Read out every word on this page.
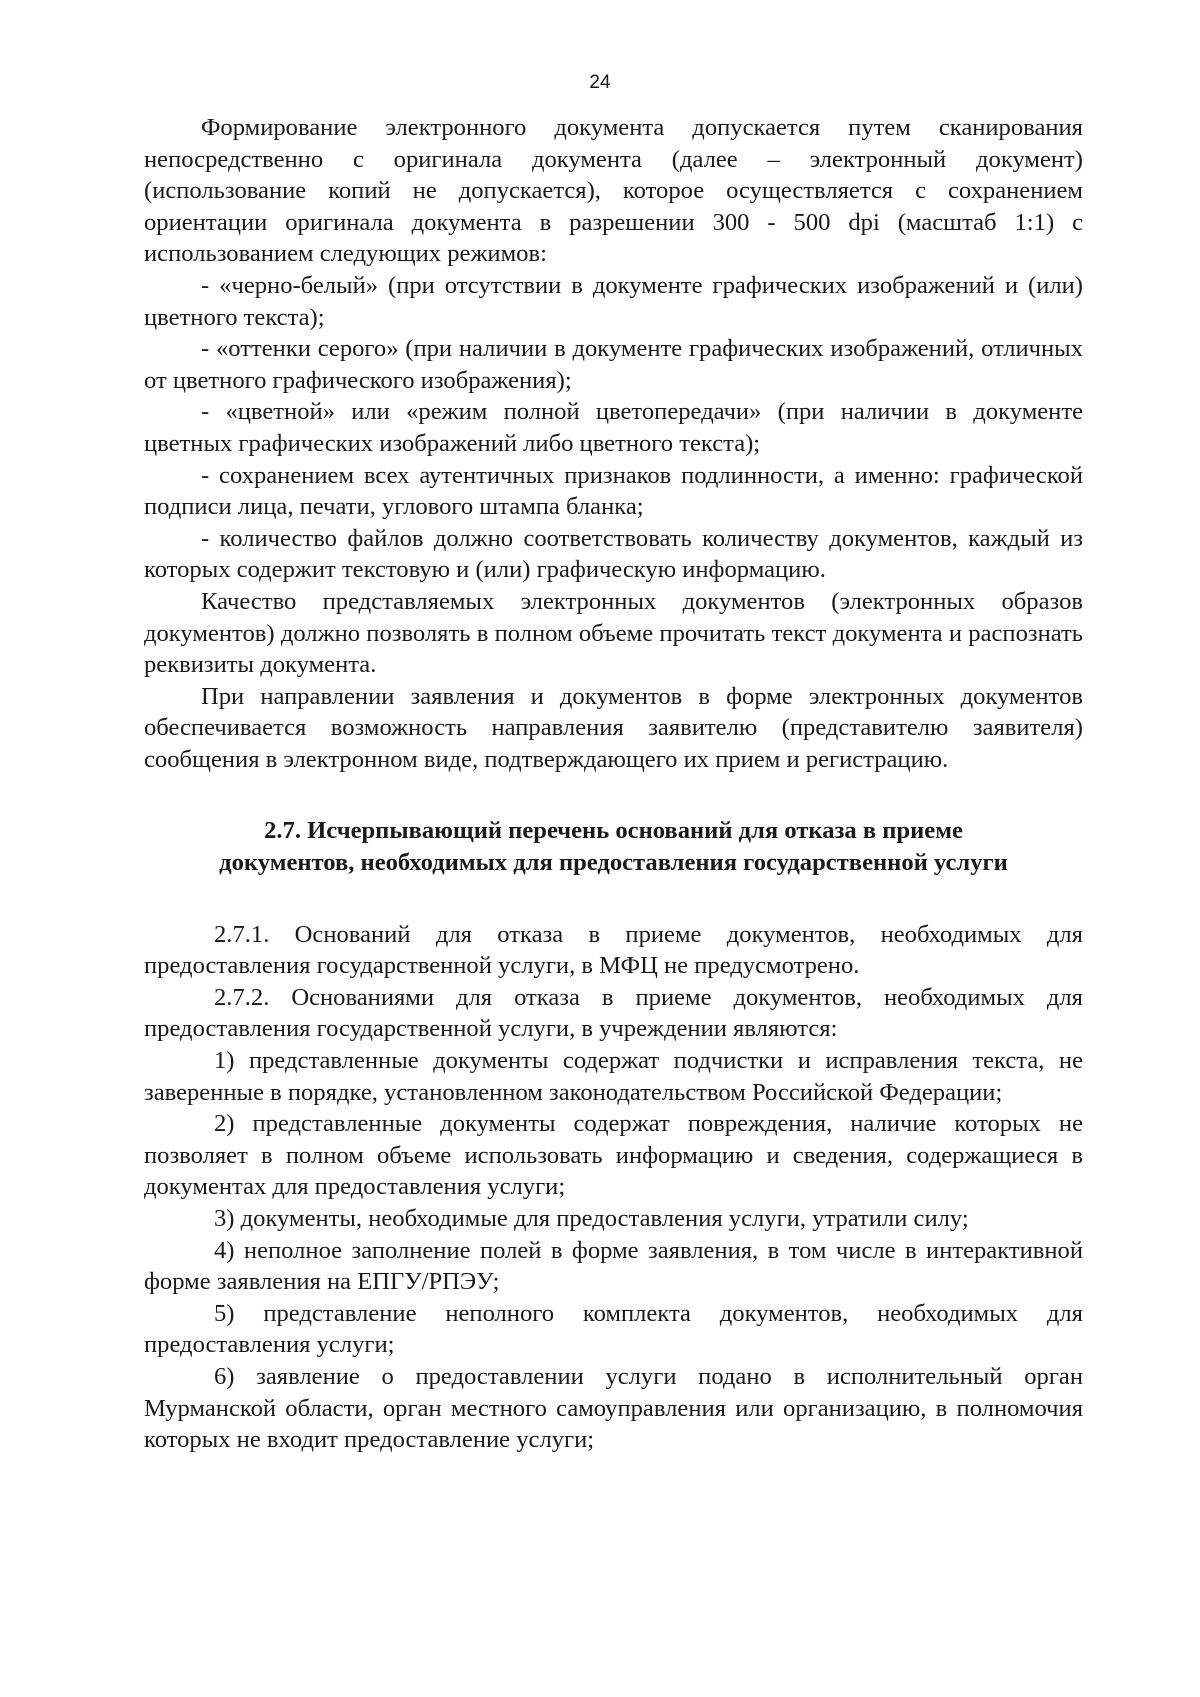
24

Формирование электронного документа допускается путем сканирования непосредственно с оригинала документа (далее – электронный документ) (использование копий не допускается), которое осуществляется с сохранением ориентации оригинала документа в разрешении 300 - 500 dpi (масштаб 1:1) с использованием следующих режимов:

- «черно-белый» (при отсутствии в документе графических изображений и (или) цветного текста);

- «оттенки серого» (при наличии в документе графических изображений, отличных от цветного графического изображения);

- «цветной» или «режим полной цветопередачи» (при наличии в документе цветных графических изображений либо цветного текста);

- сохранением всех аутентичных признаков подлинности, а именно: графической подписи лица, печати, углового штампа бланка;

- количество файлов должно соответствовать количеству документов, каждый из которых содержит текстовую и (или) графическую информацию.

Качество представляемых электронных документов (электронных образов документов) должно позволять в полном объеме прочитать текст документа и распознать реквизиты документа.

При направлении заявления и документов в форме электронных документов обеспечивается возможность направления заявителю (представителю заявителя) сообщения в электронном виде, подтверждающего их прием и регистрацию.

2.7. Исчерпывающий перечень оснований для отказа в приеме
документов, необходимых для предоставления государственной услуги

2.7.1. Оснований для отказа в приеме документов, необходимых для предоставления государственной услуги, в МФЦ не предусмотрено.

2.7.2. Основаниями для отказа в приеме документов, необходимых для предоставления государственной услуги, в учреждении являются:

1) представленные документы содержат подчистки и исправления текста, не заверенные в порядке, установленном законодательством Российской Федерации;

2) представленные документы содержат повреждения, наличие которых не позволяет в полном объеме использовать информацию и сведения, содержащиеся в документах для предоставления услуги;

3) документы, необходимые для предоставления услуги, утратили силу;

4) неполное заполнение полей в форме заявления, в том числе в интерактивной форме заявления на ЕПГУ/РПЭУ;

5) представление неполного комплекта документов, необходимых для предоставления услуги;

6) заявление о предоставлении услуги подано в исполнительный орган Мурманской области, орган местного самоуправления или организацию, в полномочия которых не входит предоставление услуги;
